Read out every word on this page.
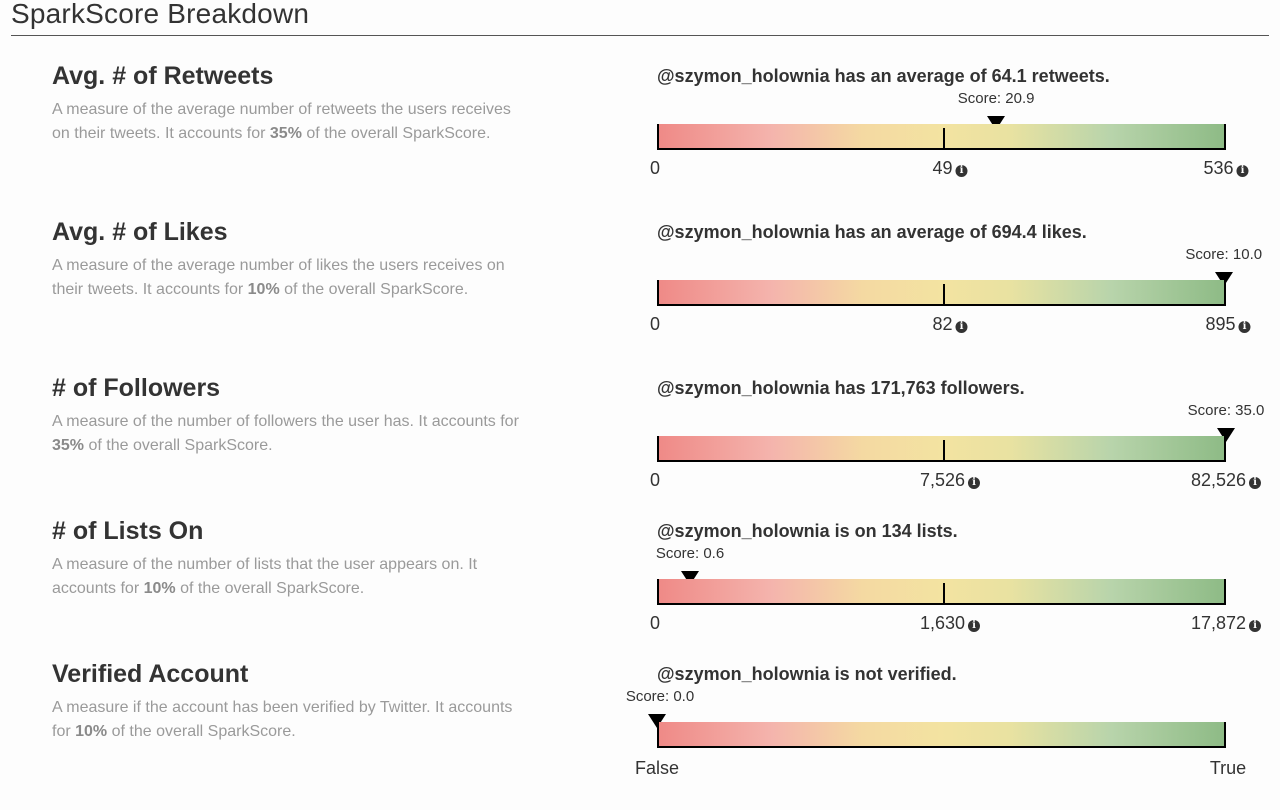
SparkScore Breakdown
Avg. # of Retweets
A measure of the average number of retweets the users receives on their tweets. It accounts for 35% of the overall SparkScore.
@szymon_holownia has an average of 64.1 retweets.
Score: 20.9
0	49 i	536 i
Avg. # of Likes
A measure of the average number of likes the users receives on their tweets. It accounts for 10% of the overall SparkScore.
@szymon_holownia has an average of 694.4 likes.
Score: 10.0
0	82 i	895 i
# of Followers
A measure of the number of followers the user has. It accounts for 35% of the overall SparkScore.
@szymon_holownia has 171,763 followers.
Score: 35.0
0	7,526 i	82,526 i
# of Lists On
A measure of the number of lists that the user appears on. It accounts for 10% of the overall SparkScore.
@szymon_holownia is on 134 lists.
Score: 0.6
0	1,630 i	17,872 i
Verified Account
A measure if the account has been verified by Twitter. It accounts for 10% of the overall SparkScore.
@szymon_holownia is not verified.
Score: 0.0
False	True
